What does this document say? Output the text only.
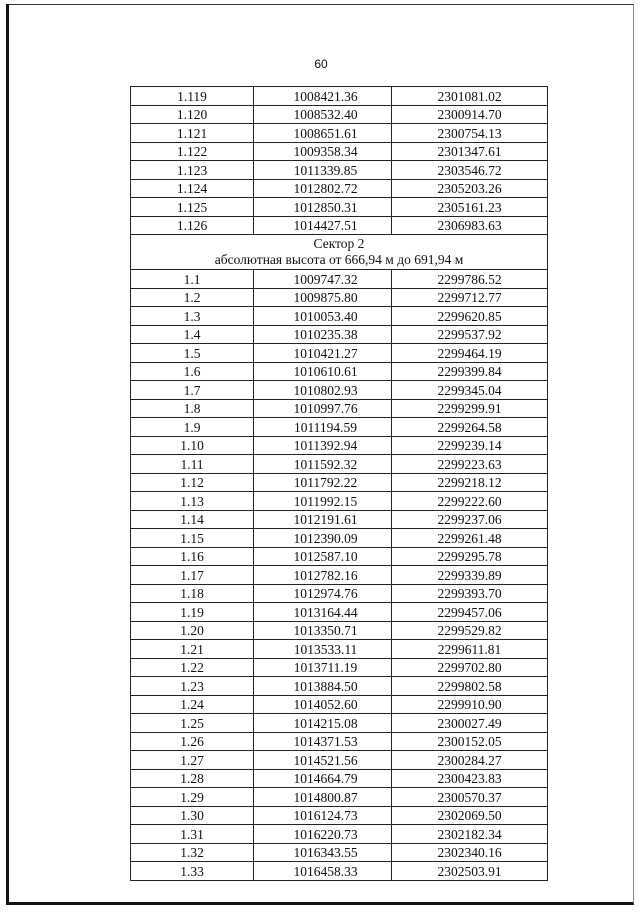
60
1.119	1008421.36	2301081.02
1.120	1008532.40	2300914.70
1.121	1008651.61	2300754.13
1.122	1009358.34	2301347.61
1.123	1011339.85	2303546.72
1.124	1012802.72	2305203.26
1.125	1012850.31	2305161.23
1.126	1014427.51	2306983.63

Сектор 2
абсолютная высота от 666,94 м до 691,94 м		

1.1	1009747.32	2299786.52
1.2	1009875.80	2299712.77
1.3	1010053.40	2299620.85
1.4	1010235.38	2299537.92
1.5	1010421.27	2299464.19
1.6	1010610.61	2299399.84
1.7	1010802.93	2299345.04
1.8	1010997.76	2299299.91
1.9	1011194.59	2299264.58
1.10	1011392.94	2299239.14
1.11	1011592.32	2299223.63
1.12	1011792.22	2299218.12
1.13	1011992.15	2299222.60
1.14	1012191.61	2299237.06
1.15	1012390.09	2299261.48
1.16	1012587.10	2299295.78
1.17	1012782.16	2299339.89
1.18	1012974.76	2299393.70
1.19	1013164.44	2299457.06
1.20	1013350.71	2299529.82
1.21	1013533.11	2299611.81
1.22	1013711.19	2299702.80
1.23	1013884.50	2299802.58
1.24	1014052.60	2299910.90
1.25	1014215.08	2300027.49
1.26	1014371.53	2300152.05
1.27	1014521.56	2300284.27
1.28	1014664.79	2300423.83
1.29	1014800.87	2300570.37
1.30	1016124.73	2302069.50
1.31	1016220.73	2302182.34
1.32	1016343.55	2302340.16
1.33	1016458.33	2302503.91
